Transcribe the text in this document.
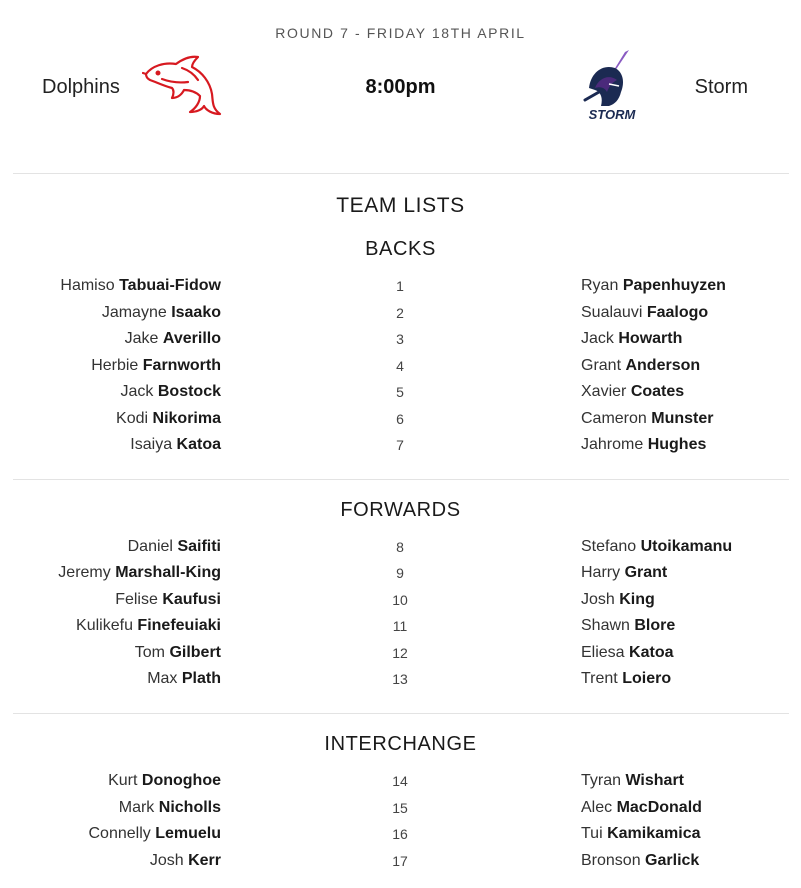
ROUND 7 - FRIDAY 18TH APRIL
Dolphins	8:00pm
STORM
Storm
TEAM LISTS
BACKS
Hamiso Tabuai-Fidow	1	Ryan Papenhuyzen
Jamayne Isaako	2	Sualauvi Faalogo
Jake Averillo	3	Jack Howarth
Herbie Farnworth	4	Grant Anderson
Jack Bostock	5	Xavier Coates
Kodi Nikorima	6	Cameron Munster
Isaiya Katoa	7	Jahrome Hughes
FORWARDS
Daniel Saifiti	8	Stefano Utoikamanu
Jeremy Marshall-King	9	Harry Grant
Felise Kaufusi	10	Josh King
Kulikefu Finefeuiaki	11	Shawn Blore
Tom Gilbert	12	Eliesa Katoa
Max Plath	13	Trent Loiero
INTERCHANGE
Kurt Donoghoe	14	Tyran Wishart
Mark Nicholls	15	Alec MacDonald
Connelly Lemuelu	16	Tui Kamikamica
Josh Kerr	17	Bronson Garlick
